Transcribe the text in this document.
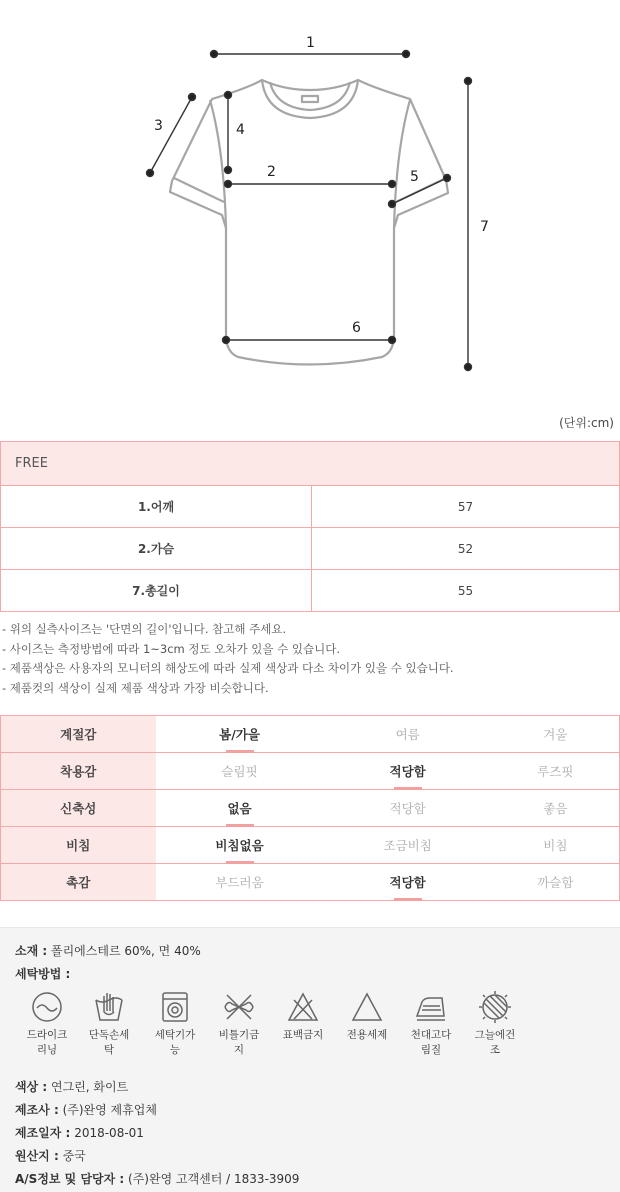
1
2
3	4
5
6
7
(단위:cm)
FREE	
1.어깨	57
2.가슴	52
7.총길이	55
- 위의 실측사이즈는 '단면의 길이'입니다. 참고해 주세요.
- 사이즈는 측정방법에 따라 1~3cm 정도 오차가 있을 수 있습니다.
- 제품색상은 사용자의 모니터의 해상도에 따라 실제 색상과 다소 차이가 있을 수 있습니다.
- 제품컷의 색상이 실제 제품 색상과 가장 비슷합니다.
계절감	봄/가을	여름	겨울
착용감	슬림핏	적당함	루즈핏
신축성	없음	적당함	좋음
비침	비침없음	조금비침	비침
촉감	부드러움	적당함	까슬함
소재 : 폴리에스테르 60%, 면 40%
세탁방법 :
색상 : 연그린, 화이트
제조사 : (주)완영 제휴업체
제조일자 : 2018-08-01
원산지 : 중국
A/S정보 및 담당자 : (주)완영 고객센터 / 1833-3909
드라이크
리닝
단독손세
탁
세탁기가
능
비틀기금
지
표백금지	전용세제	천대고다
림질
그늘에건
조
